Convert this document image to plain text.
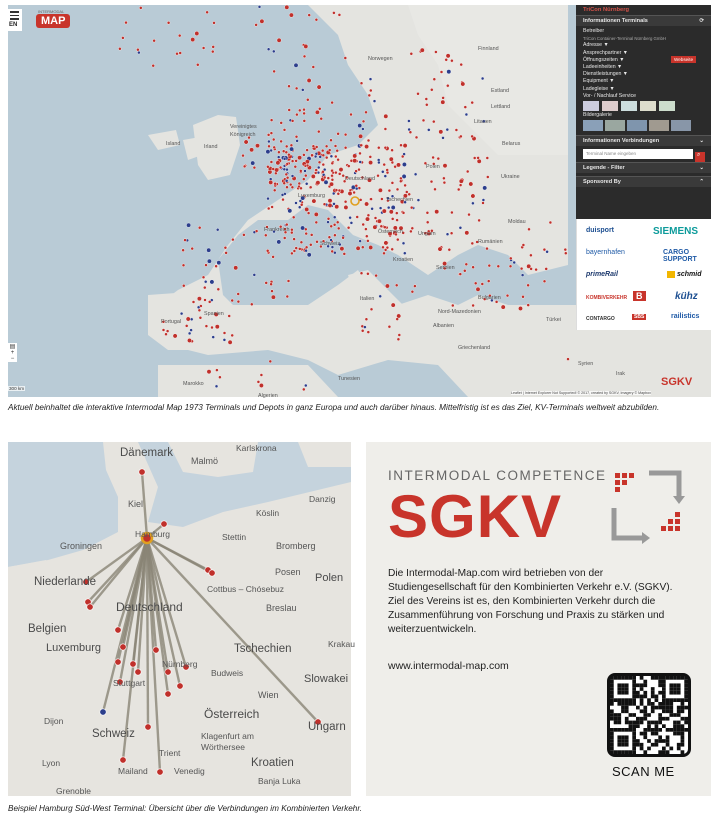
Island
Norwegen
Finnland
Vereinigtes
Königreich
Irland
Estland
Lettland
Litauen
Belarus
Polen
Deutschland	Ukraine
Tschechien
Frankreich	Österreich
Schweiz
Ungarn
Rumänien
Moldau
Serbien
Kroatien
Italien	Bulgarien
Nord-Mazedonien
Albanien
Spanien
Portugal
Griechenland
Türkei
Tunesien
Algerien
Marokko
Syrien
Irak
Luxemburg
EN
INTERMODAL
MAP
▤
+
−
300 km
Leaflet | Internet Explorer Not Supported! © 2017, created by SGKV, Imagery © Mapbox
SGKV
TriCon Nürnberg
Informationen Terminals	⟳
Betreiber
TriCon Container-Terminal Nürnberg GmbH
Adresse ▼
Ansprechpartner ▼
Öffnungszeiten ▼
Ladeeinheiten ▼
Dienstleistungen ▼
Equipment ▼
Ladegleise ▼
Vor- / Nachlauf Service
Webseite
Bildergalerie
Informationen Verbindungen	⌄
Terminal Name eingeben	⌕
Legende - Filter	⌄
Sponsored By	⌃
duisport	SIEMENS
bayernhafen	CARGO SUPPORT
primeRail	schmid
KOMBIVERKEHR B	kühz
CONTARGO	SBS	railistics
Aktuell beinhaltet die interaktive Intermodal Map 1973 Terminals und Depots in ganz Europa und auch darüber hinaus. Mittelfristig ist es das Ziel, KV-Terminals weltweit abzubilden.
Dänemark
Malmö
Karlskrona
Kiel
Hamburg	Stettin
Köslin
Danzig
Groningen	Bromberg
Niederlande
Posen Polen
Cottbus – Chósebuz
Deutschland	Breslau
Belgien
Krakau
Luxemburg	Tschechien
Nürnberg
Stuttgart	Slowakei
Budweis
Wien
Dijon	Österreich
Ungarn
Schweiz	Klagenfurt am
Wörthersee
Lyon
Trient
Kroatien
Mailand	Venedig
Banja Luka
Grenoble
INTERMODAL COMPETENCE
SGKV
Die Intermodal-Map.com wird betrieben von der Studiengesellschaft für den Kombinierten Verkehr e.V. (SGKV). Ziel des Vereins ist es, den Kombinierten Verkehr durch die Zusammenführung von Forschung und Praxis zu stärken und weiterzuentwickeln.
www.intermodal-map.com
SCAN ME
Beispiel Hamburg Süd-West Terminal: Übersicht über die Verbindungen im Kombinierten Verkehr.
